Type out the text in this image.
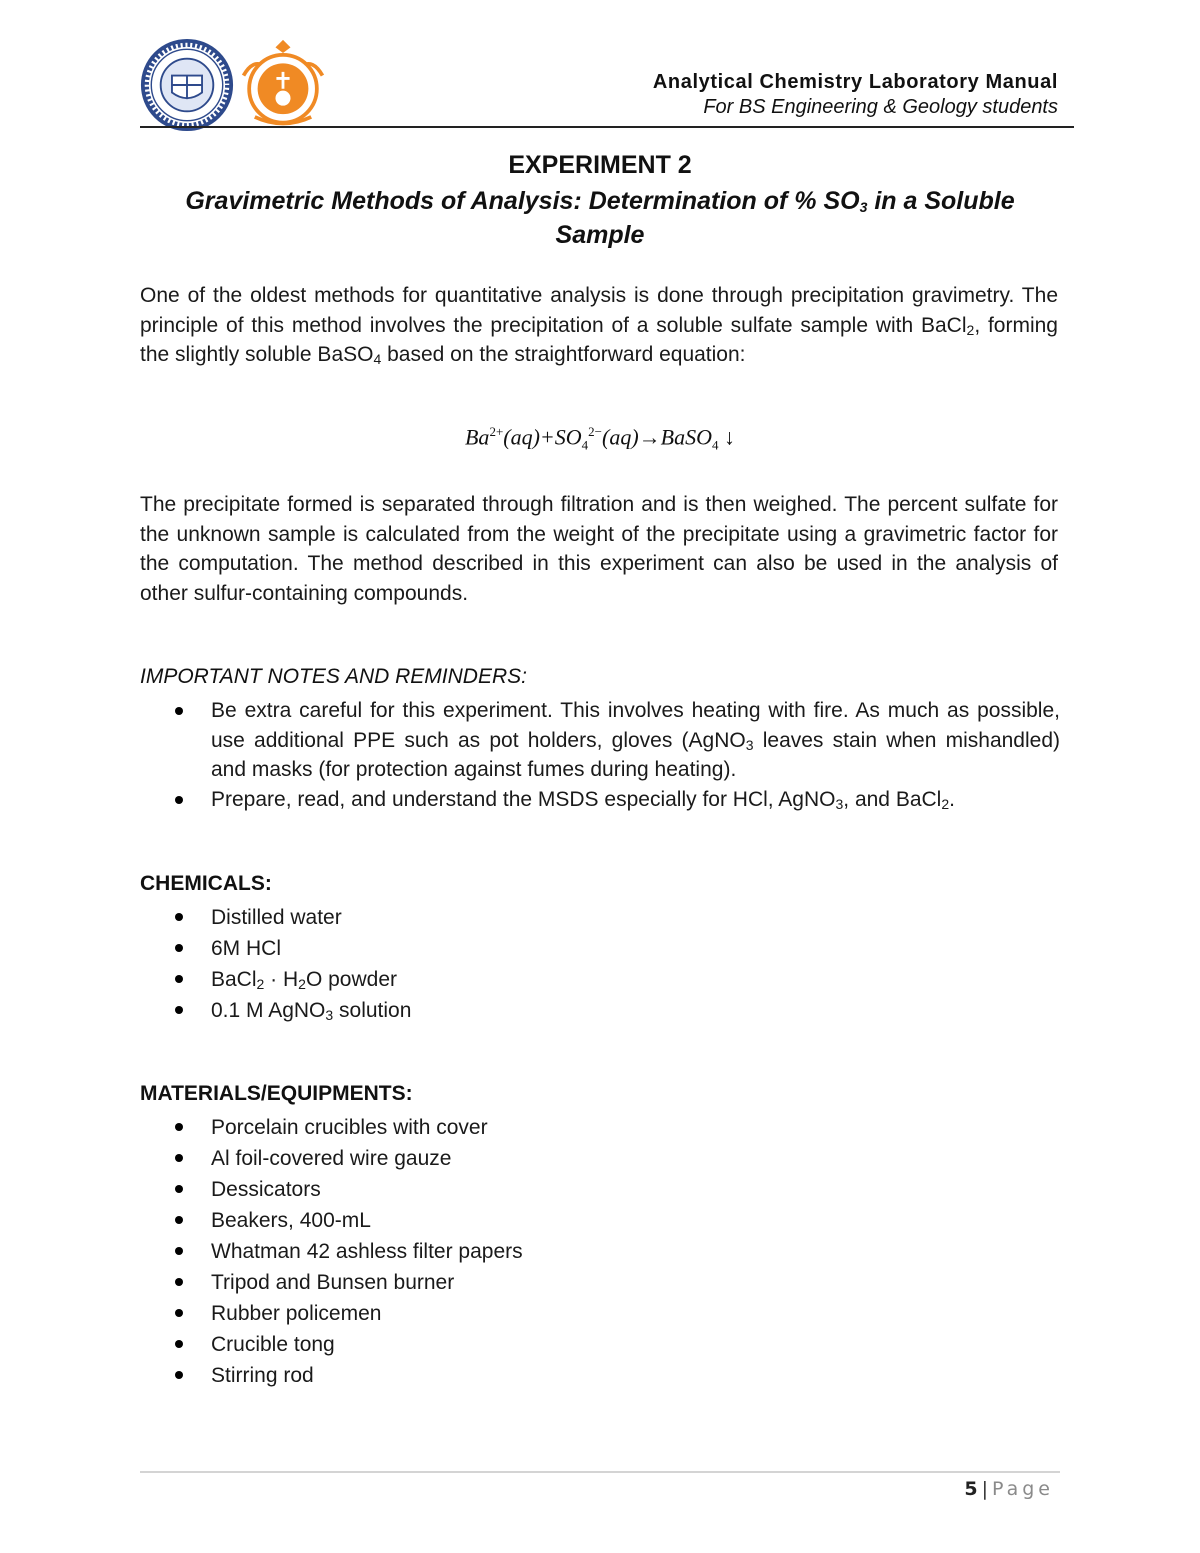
Analytical Chemistry Laboratory Manual
For BS Engineering & Geology students
EXPERIMENT 2
Gravimetric Methods of Analysis: Determination of % $SO_3$ in a Soluble
Sample
One of the oldest methods for quantitative analysis is done through precipitation gravimetry. The principle of this method involves the precipitation of a soluble sulfate sample with BaCl$_2$, forming the slightly soluble BaSO$_4$ based on the straightforward equation:
$Ba^{2+}(aq)+SO_4^{2-}(aq)\to BaSO_4$ ↓
The precipitate formed is separated through filtration and is then weighed. The percent sulfate for the unknown sample is calculated from the weight of the precipitate using a gravimetric factor for the computation. The method described in this experiment can also be used in the analysis of other sulfur-containing compounds.
IMPORTANT NOTES AND REMINDERS:
Be extra careful for this experiment. This involves heating with fire. As much as possible, use additional PPE such as pot holders, gloves (AgNO$_3$ leaves stain when mishandled) and masks (for protection against fumes during heating).
Prepare, read, and understand the MSDS especially for HCl, AgNO$_3$, and BaCl$_2$.
CHEMICALS:
Distilled water
6M HCl
BaCl$_2$ · $H_2O$ powder
0.1 M AgNO$_3$ solution
MATERIALS/EQUIPMENTS:
Porcelain crucibles with cover
Al foil-covered wire gauze
Dessicators
Beakers, 400-mL
Whatman 42 ashless filter papers
Tripod and Bunsen burner
Rubber policemen
Crucible tong
Stirring rod
5 | Page
